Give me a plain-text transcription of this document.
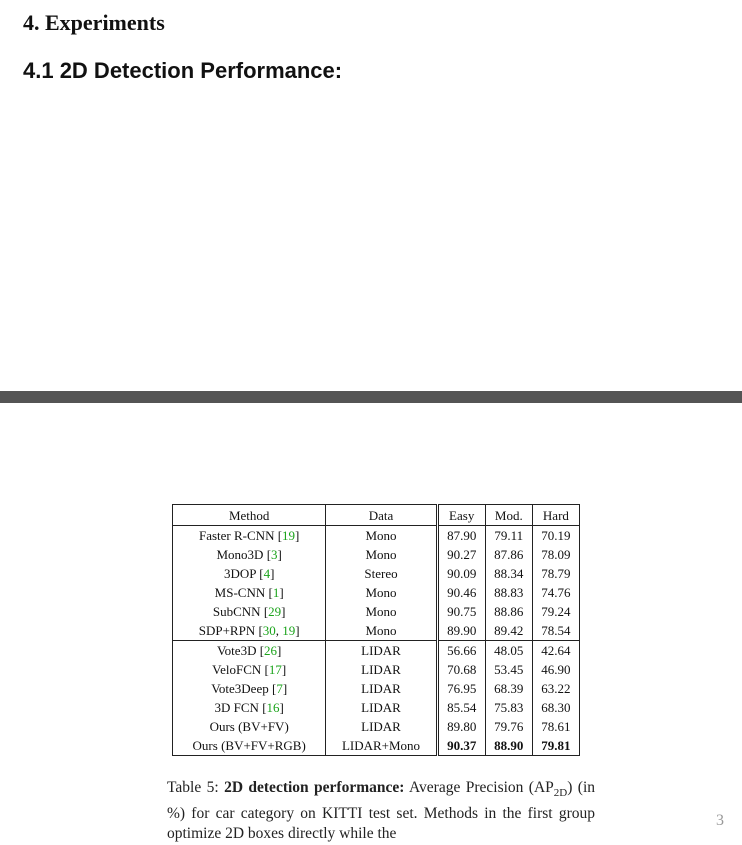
4. Experiments
4.1 2D Detection Performance:
Method	Data	Easy	Mod.	Hard
Faster R-CNN [19]	Mono	87.90	79.11	70.19
Mono3D [3]	Mono	90.27	87.86	78.09
3DOP [4]	Stereo	90.09	88.34	78.79
MS-CNN [1]	Mono	90.46	88.83	74.76
SubCNN [29]	Mono	90.75	88.86	79.24
SDP+RPN [30, 19]	Mono	89.90	89.42	78.54
Vote3D [26]	LIDAR	56.66	48.05	42.64
VeloFCN [17]	LIDAR	70.68	53.45	46.90
Vote3Deep [7]	LIDAR	76.95	68.39	63.22
3D FCN [16]	LIDAR	85.54	75.83	68.30
Ours (BV+FV)	LIDAR	89.80	79.76	78.61
Ours (BV+FV+RGB)	LIDAR+Mono	90.37	88.90	79.81
Table 5: 2D detection performance: Average Precision $(AP_{2D})$ (in %) for car category on KITTI test set. Methods in the first group optimize 2D boxes directly while the
3
